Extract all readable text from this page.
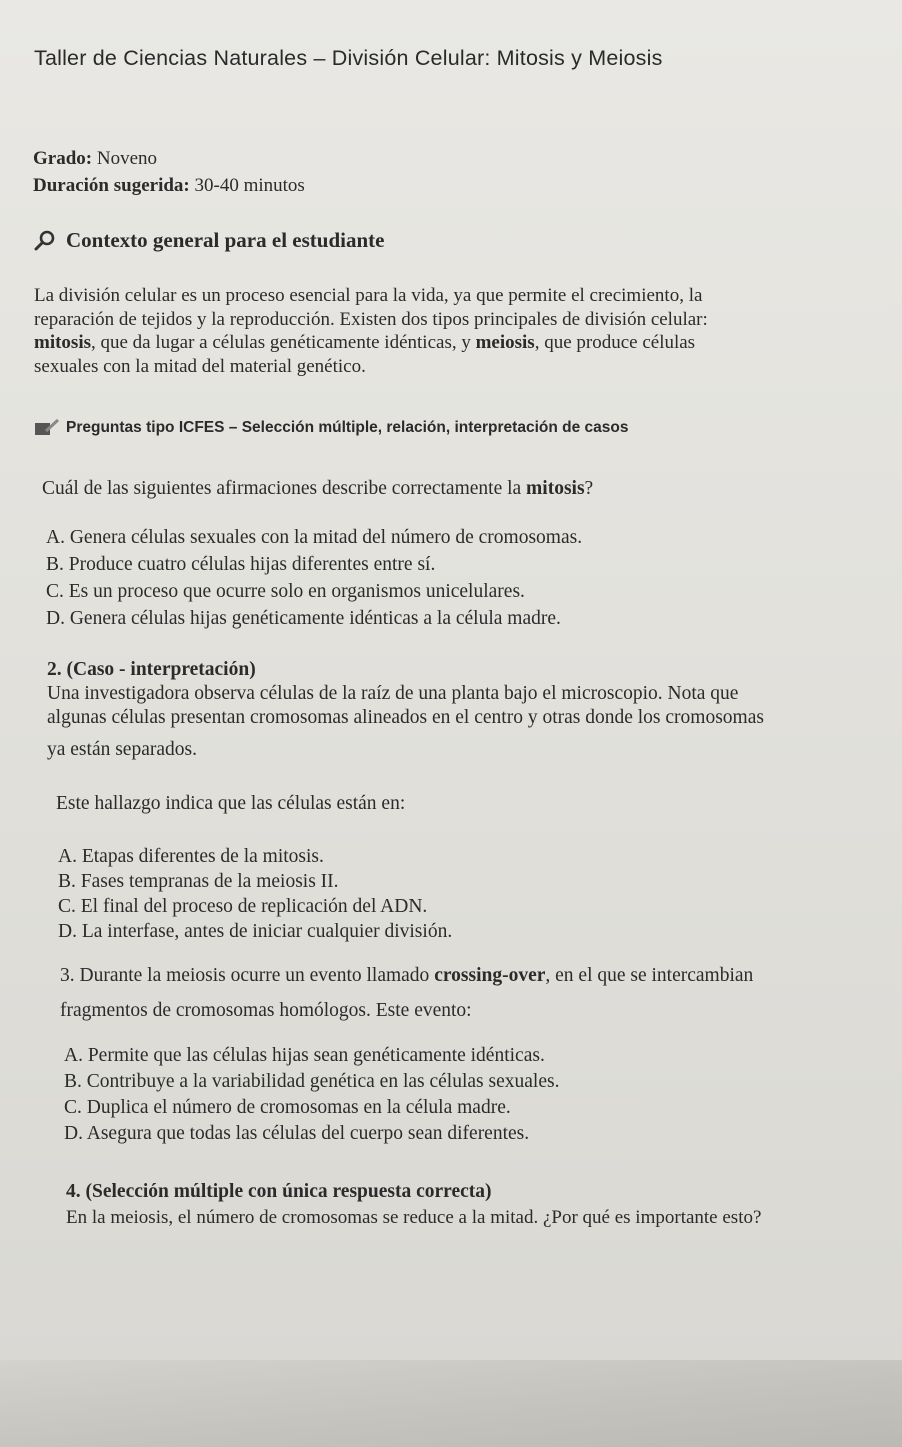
Taller de Ciencias Naturales – División Celular: Mitosis y Meiosis
Grado: Noveno
Duración sugerida: 30-40 minutos
Contexto general para el estudiante
La división celular es un proceso esencial para la vida, ya que permite el crecimiento, la
reparación de tejidos y la reproducción. Existen dos tipos principales de división celular:
mitosis, que da lugar a células genéticamente idénticas, y meiosis, que produce células
sexuales con la mitad del material genético.
Preguntas tipo ICFES – Selección múltiple, relación, interpretación de casos
Cuál de las siguientes afirmaciones describe correctamente la mitosis?
A. Genera células sexuales con la mitad del número de cromosomas.
B. Produce cuatro células hijas diferentes entre sí.
C. Es un proceso que ocurre solo en organismos unicelulares.
D. Genera células hijas genéticamente idénticas a la célula madre.
2. (Caso - interpretación)
Una investigadora observa células de la raíz de una planta bajo el microscopio. Nota que
algunas células presentan cromosomas alineados en el centro y otras donde los cromosomas
ya están separados.
Este hallazgo indica que las células están en:
A. Etapas diferentes de la mitosis.
B. Fases tempranas de la meiosis II.
C. El final del proceso de replicación del ADN.
D. La interfase, antes de iniciar cualquier división.
3. Durante la meiosis ocurre un evento llamado crossing-over, en el que se intercambian
fragmentos de cromosomas homólogos. Este evento:
A. Permite que las células hijas sean genéticamente idénticas.
B. Contribuye a la variabilidad genética en las células sexuales.
C. Duplica el número de cromosomas en la célula madre.
D. Asegura que todas las células del cuerpo sean diferentes.
4. (Selección múltiple con única respuesta correcta)
En la meiosis, el número de cromosomas se reduce a la mitad. ¿Por qué es importante esto?
